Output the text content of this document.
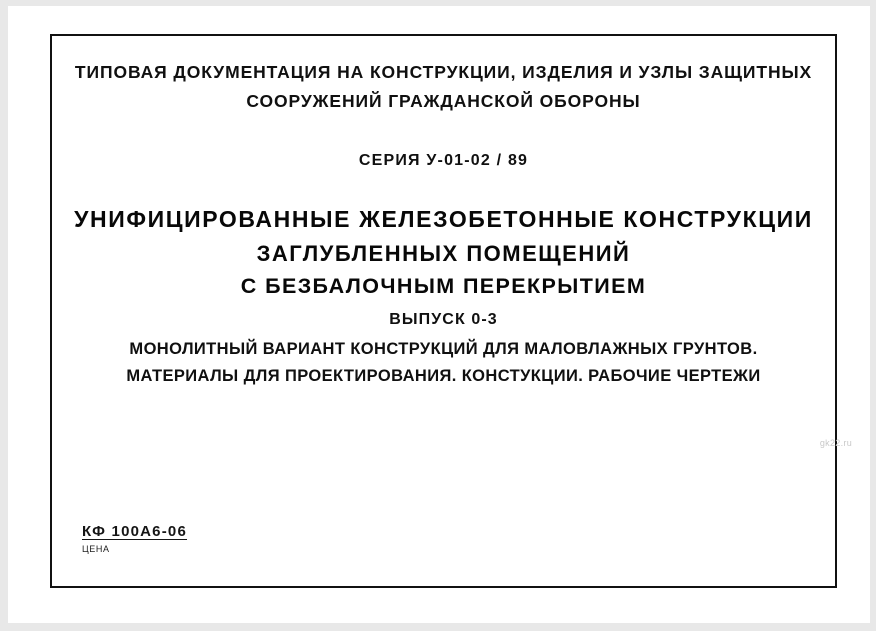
ТИПОВАЯ ДОКУМЕНТАЦИЯ НА КОНСТРУКЦИИ, ИЗДЕЛИЯ И УЗЛЫ ЗАЩИТНЫХ
СООРУЖЕНИЙ ГРАЖДАНСКОЙ ОБОРОНЫ
СЕРИЯ У-01-02 / 89
УНИФИЦИРОВАННЫЕ ЖЕЛЕЗОБЕТОННЫЕ КОНСТРУКЦИИ
ЗАГЛУБЛЕННЫХ ПОМЕЩЕНИЙ
С БЕЗБАЛОЧНЫМ ПЕРЕКРЫТИЕМ
ВЫПУСК 0-3
МОНОЛИТНЫЙ ВАРИАНТ КОНСТРУКЦИЙ ДЛЯ МАЛОВЛАЖНЫХ ГРУНТОВ.
МАТЕРИАЛЫ ДЛЯ ПРОЕКТИРОВАНИЯ. КОНСТУКЦИИ. РАБОЧИЕ ЧЕРТЕЖИ
КФ 100А6-06
ЦЕНА
gk22.ru
